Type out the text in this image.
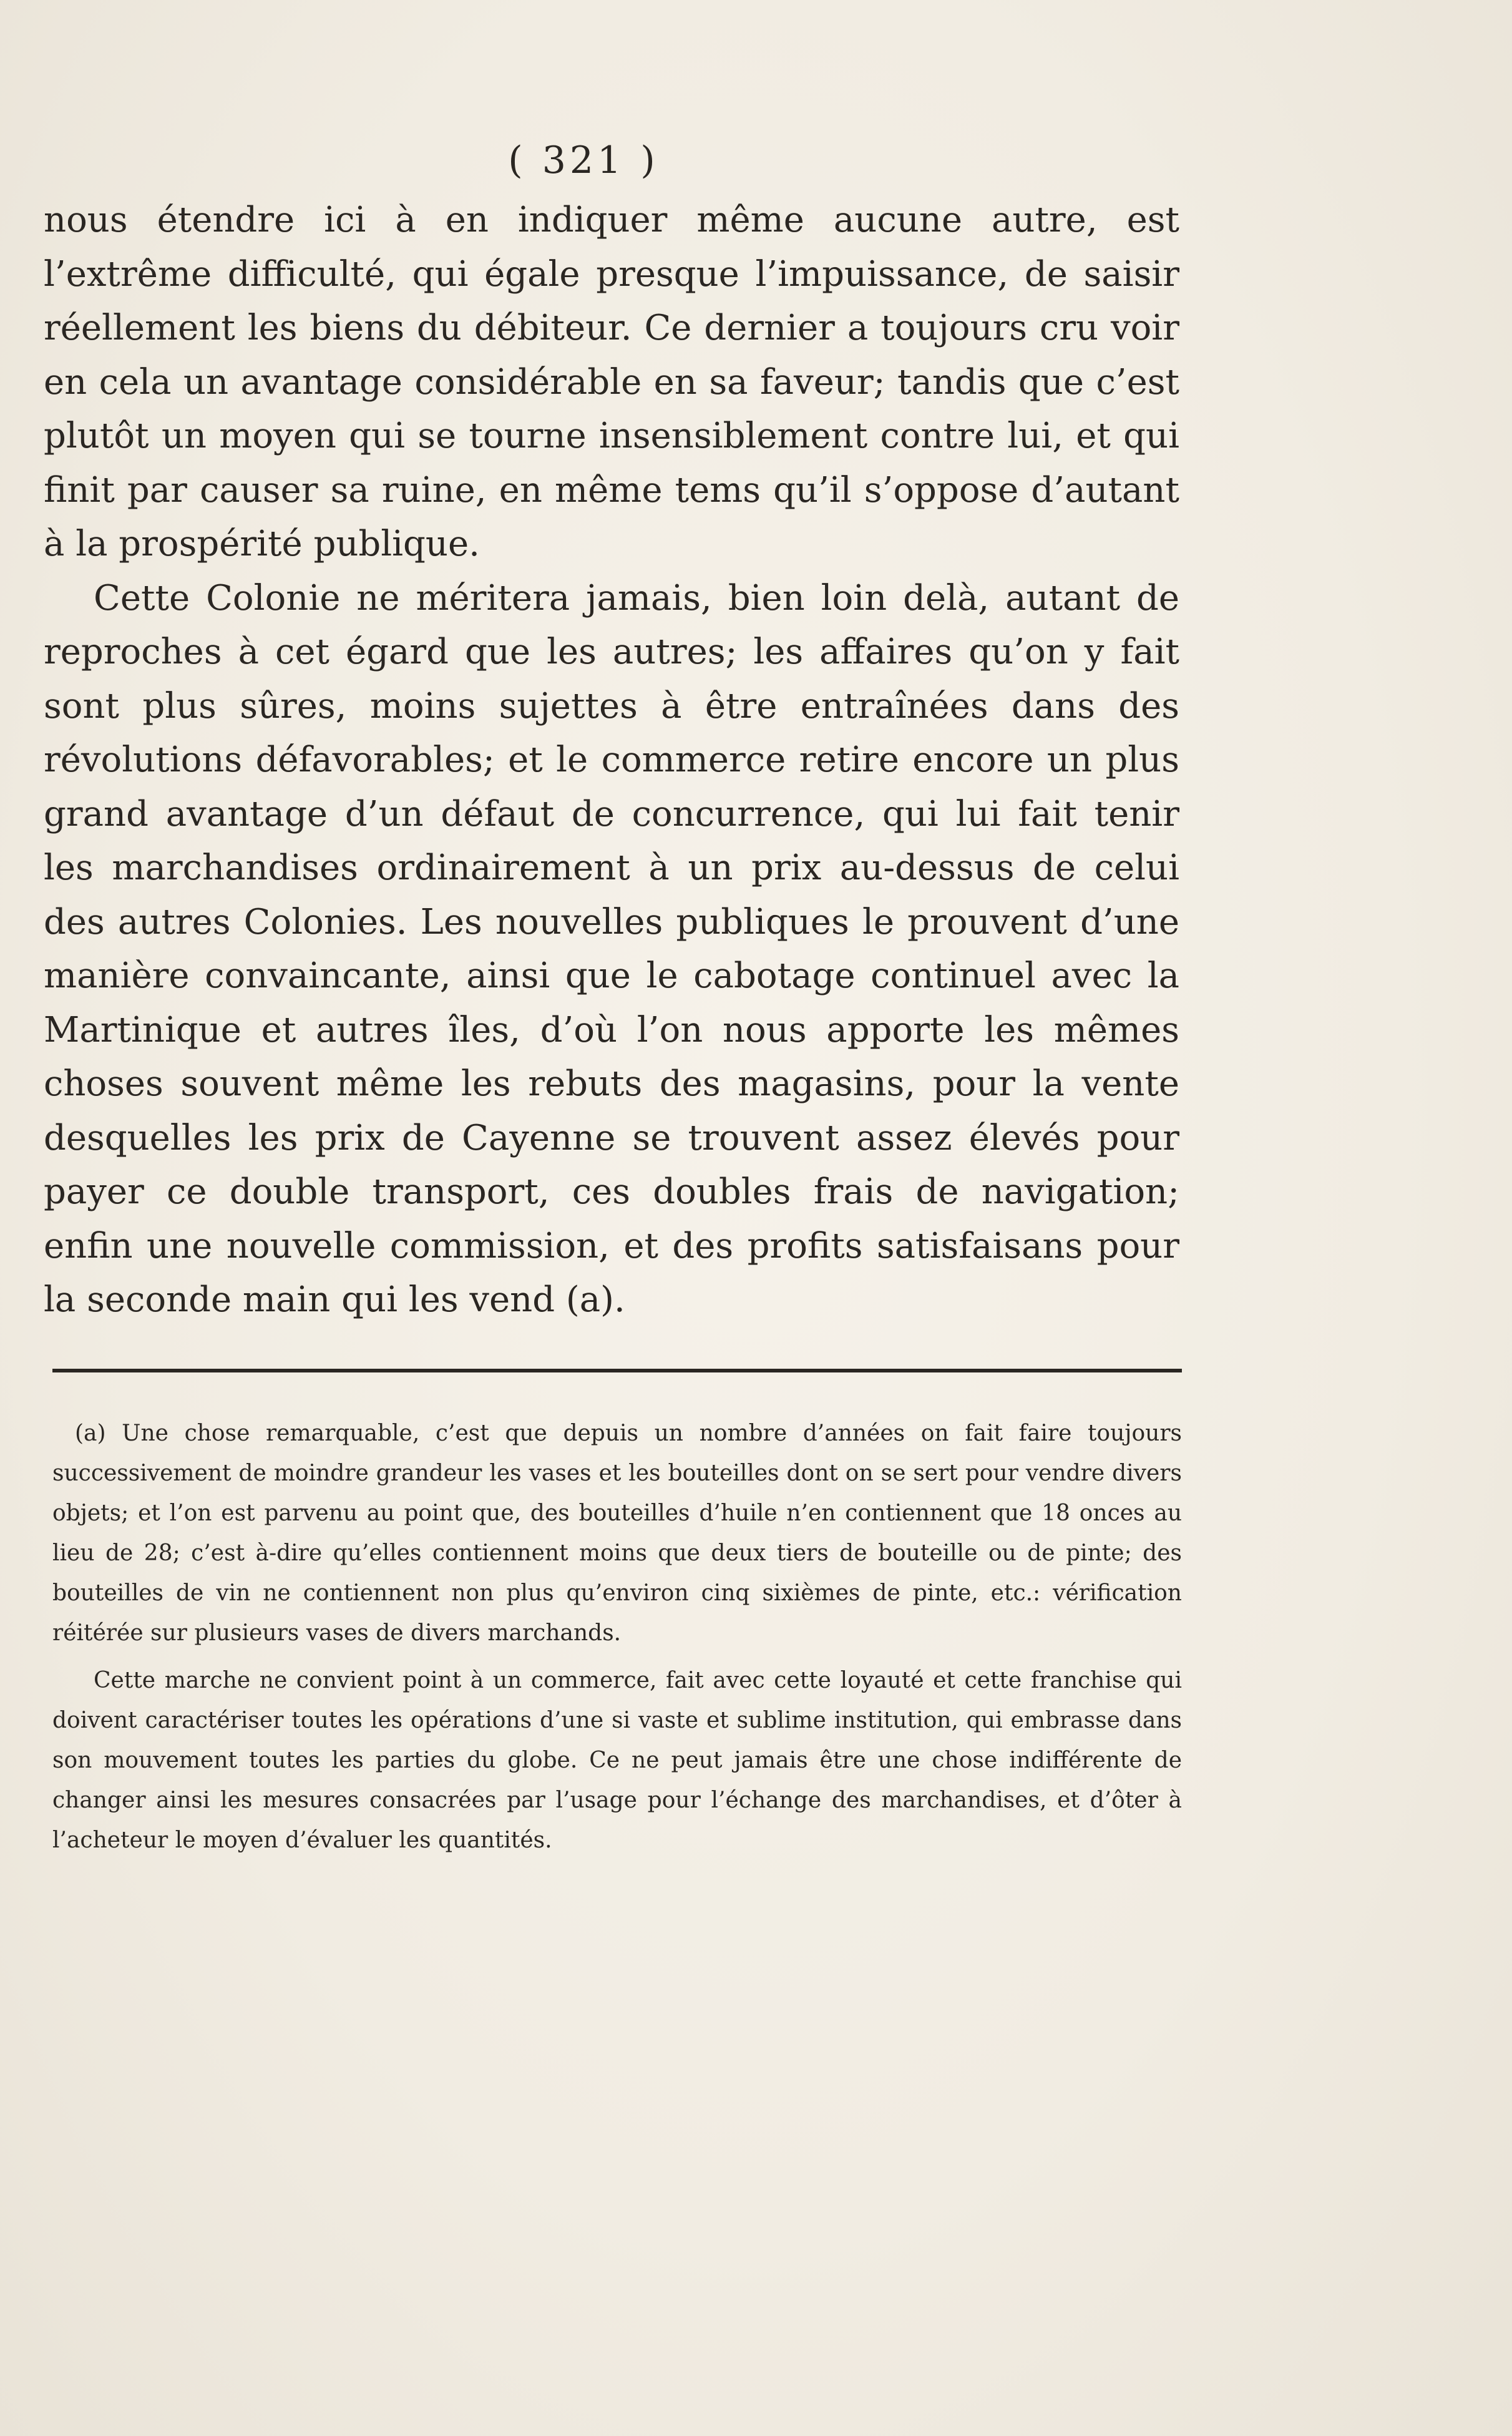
( 321 )

nous étendre ici à en indiquer même aucune autre, est l’extrême difficulté, qui égale presque l’impuissance, de saisir réellement les biens du débiteur. Ce dernier a toujours cru voir en cela un avantage considérable en sa faveur; tandis que c’est plutôt un moyen qui se tourne insensiblement contre lui, et qui finit par causer sa ruine, en même tems qu’il s’oppose d’autant à la prospérité publique.

Cette Colonie ne méritera jamais, bien loin delà, autant de reproches à cet égard que les autres; les affaires qu’on y fait sont plus sûres, moins sujettes à être entraînées dans des révolutions défavorables; et le commerce retire encore un plus grand avantage d’un défaut de concurrence, qui lui fait tenir les marchandises ordinairement à un prix au-dessus de celui des autres Colonies. Les nouvelles publiques le prouvent d’une manière convaincante, ainsi que le cabotage continuel avec la Martinique et autres îles, d’où l’on nous apporte les mêmes choses souvent même les rebuts des magasins, pour la vente desquelles les prix de Cayenne se trouvent assez élevés pour payer ce double transport, ces doubles frais de navigation; enfin une nouvelle commission, et des profits satisfaisans pour la seconde main qui les vend (a).

(a) Une chose remarquable, c’est que depuis un nombre d’années on fait faire toujours successivement de moindre grandeur les vases et les bouteilles dont on se sert pour vendre divers objets; et l’on est parvenu au point que, des bouteilles d’huile n’en contiennent que 18 onces au lieu de 28; c’est à-dire qu’elles contiennent moins que deux tiers de bouteille ou de pinte; des bouteilles de vin ne contiennent non plus qu’environ cinq sixièmes de pinte, etc.: vérification réitérée sur plusieurs vases de divers marchands.

Cette marche ne convient point à un commerce, fait avec cette loyauté et cette franchise qui doivent caractériser toutes les opérations d’une si vaste et sublime institution, qui embrasse dans son mouvement toutes les parties du globe. Ce ne peut jamais être une chose indifférente de changer ainsi les mesures consacrées par l’usage pour l’échange des marchandises, et d’ôter à l’acheteur le moyen d’évaluer les quantités.
